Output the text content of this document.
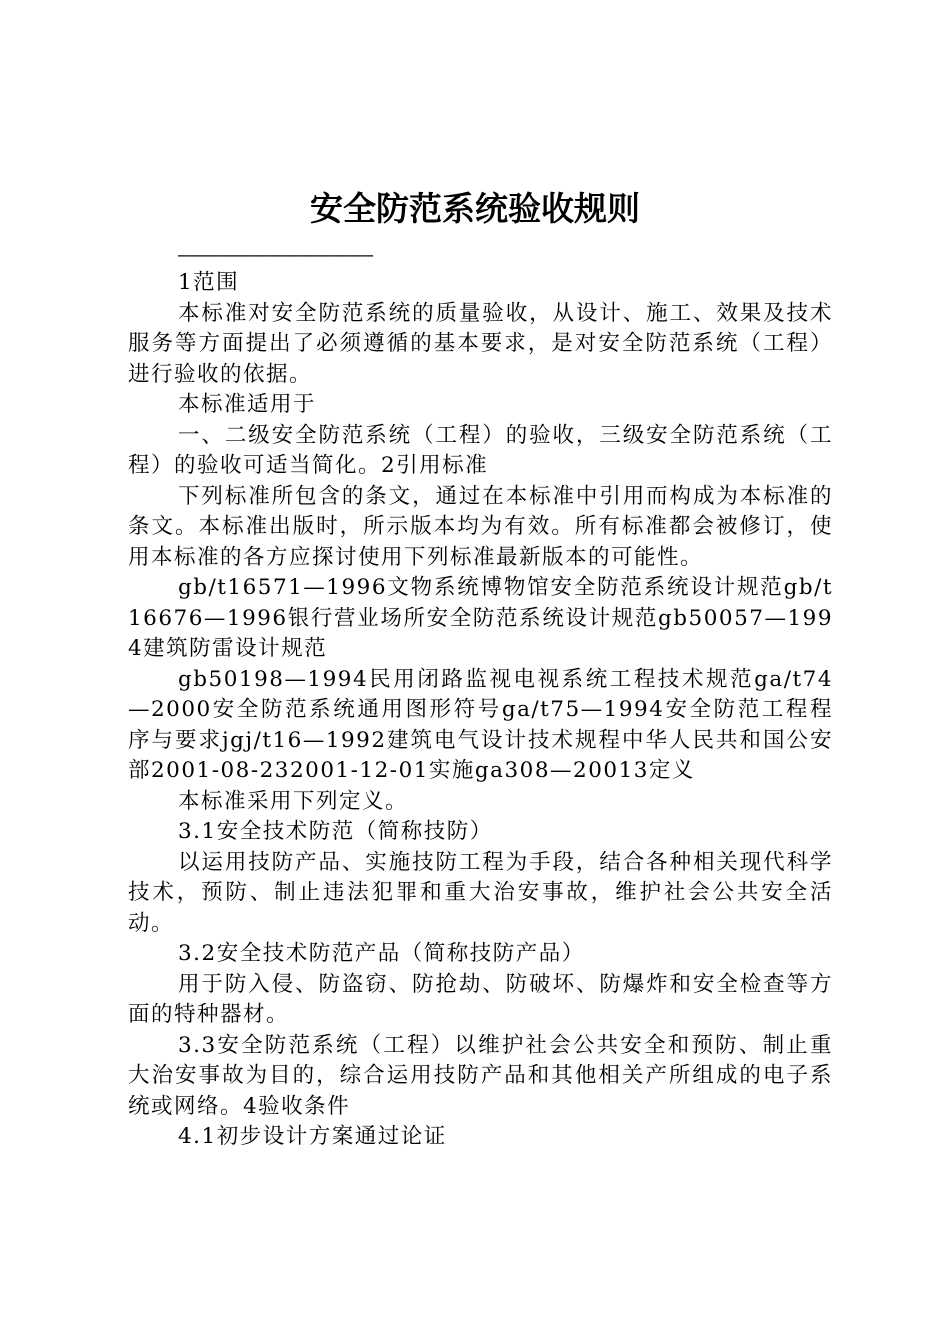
安全防范系统验收规则
——————————————————

1范围

本标准对安全防范系统的质量验收，从设计、施工、效果及技术服务等方面提出了必须遵循的基本要求，是对安全防范系统（工程）进行验收的依据。

本标准适用于

一、二级安全防范系统（工程）的验收，三级安全防范系统（工程）的验收可适当简化。2引用标准

下列标准所包含的条文，通过在本标准中引用而构成为本标准的条文。本标准出版时，所示版本均为有效。所有标准都会被修订，使用本标准的各方应探讨使用下列标准最新版本的可能性。

gb/t16571—1996文物系统博物馆安全防范系统设计规范gb/t16676—1996银行营业场所安全防范系统设计规范gb50057—1994建筑防雷设计规范

gb50198—1994民用闭路监视电视系统工程技术规范ga/t74—2000安全防范系统通用图形符号ga/t75—1994安全防范工程程序与要求jgj/t16—1992建筑电气设计技术规程中华人民共和国公安部2001-08-232001-12-01实施ga308—20013定义

本标准采用下列定义。

3.1安全技术防范（简称技防）

以运用技防产品、实施技防工程为手段，结合各种相关现代科学技术，预防、制止违法犯罪和重大治安事故，维护社会公共安全活动。

3.2安全技术防范产品（简称技防产品）

用于防入侵、防盗窃、防抢劫、防破坏、防爆炸和安全检查等方面的特种器材。

3.3安全防范系统（工程）以维护社会公共安全和预防、制止重大治安事故为目的，综合运用技防产品和其他相关产所组成的电子系统或网络。4验收条件

4.1初步设计方案通过论证
